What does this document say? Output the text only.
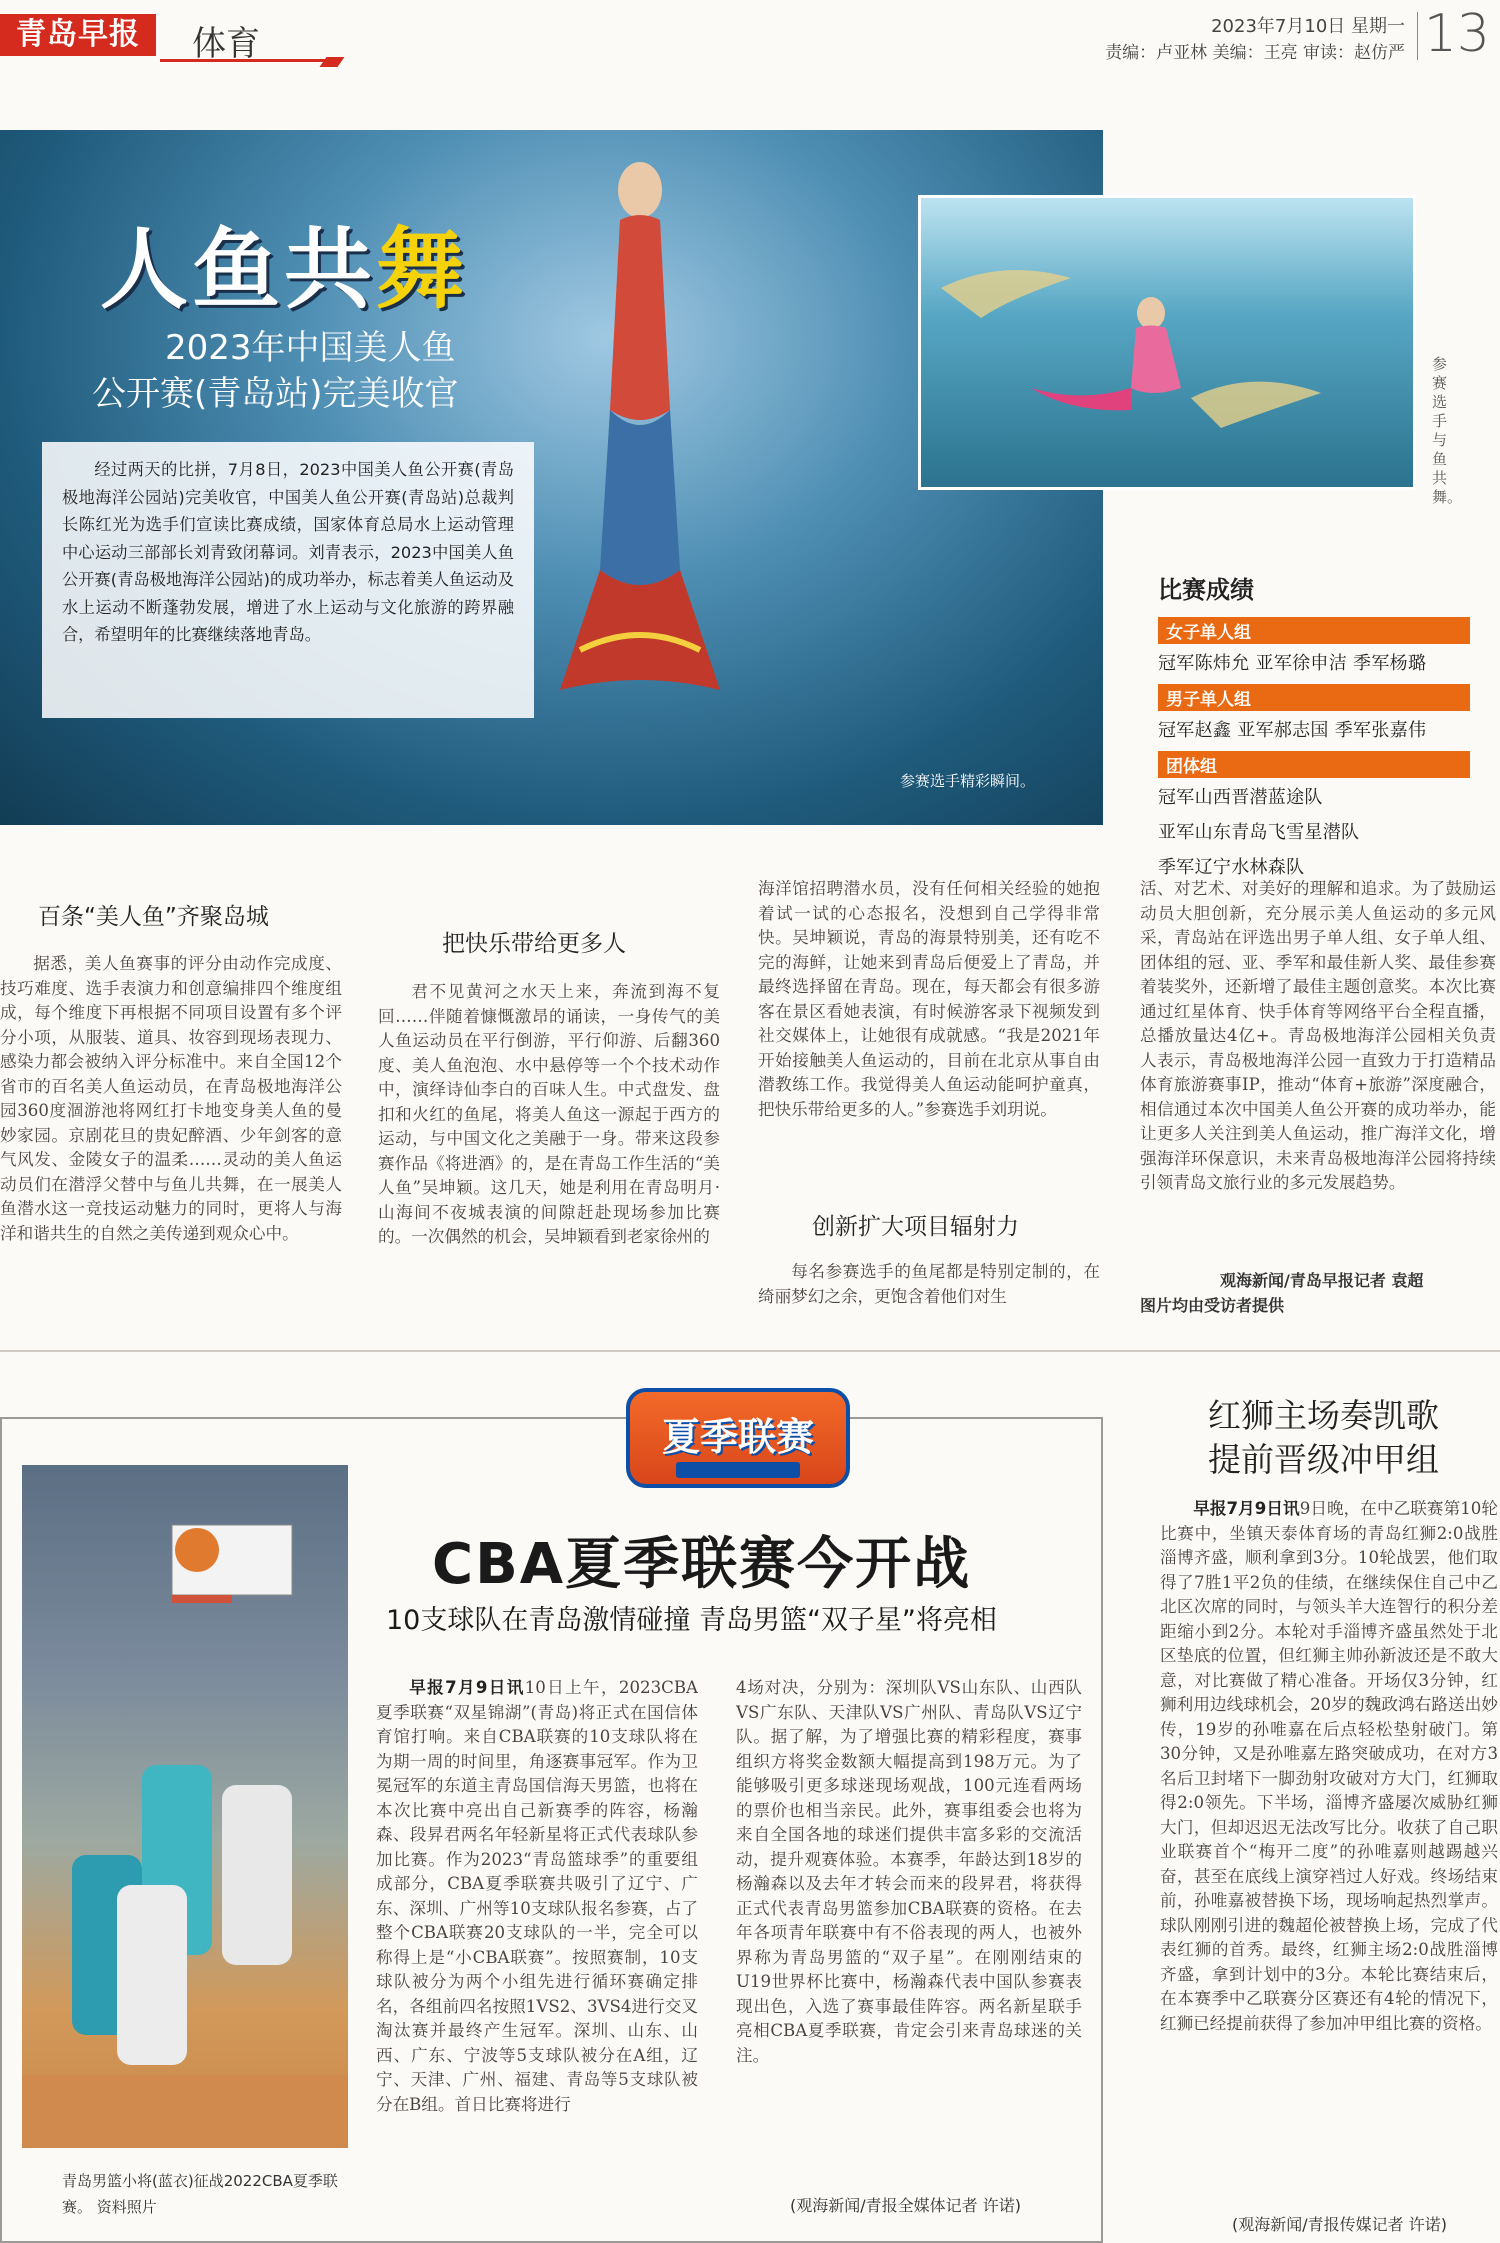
青岛早报	体育	2023年7月10日 星期一
责编：卢亚林 美编：王亮 审读：赵仿严 13
人鱼共舞
2023年中国美人鱼
公开赛(青岛站)完美收官
经过两天的比拼，7月8日，2023中国美人鱼公开赛(青岛极地海洋公园站)完美收官，中国美人鱼公开赛(青岛站)总裁判长陈红光为选手们宣读比赛成绩，国家体育总局水上运动管理中心运动三部部长刘青致闭幕词。刘青表示，2023中国美人鱼公开赛(青岛极地海洋公园站)的成功举办，标志着美人鱼运动及水上运动不断蓬勃发展，增进了水上运动与文化旅游的跨界融合，希望明年的比赛继续落地青岛。
参赛选手精彩瞬间。
参赛选手与鱼共舞。
比赛成绩
女子单人组
冠军陈炜允 亚军徐申洁 季军杨璐
男子单人组
冠军赵鑫 亚军郝志国 季军张嘉伟
团体组
冠军山西晋潜蓝途队
亚军山东青岛飞雪星潜队
季军辽宁水林森队
百条“美人鱼”齐聚岛城

据悉，美人鱼赛事的评分由动作完成度、技巧难度、选手表演力和创意编排四个维度组成，每个维度下再根据不同项目设置有多个评分小项，从服装、道具、妆容到现场表现力、感染力都会被纳入评分标准中。来自全国12个省市的百名美人鱼运动员，在青岛极地海洋公园360度涸游池将网红打卡地变身美人鱼的曼妙家园。京剧花旦的贵妃醉酒、少年剑客的意气风发、金陵女子的温柔……灵动的美人鱼运动员们在潜浮父替中与鱼儿共舞，在一展美人鱼潜水这一竞技运动魅力的同时，更将人与海洋和谐共生的自然之美传递到观众心中。

把快乐带给更多人

君不见黄河之水天上来，奔流到海不复回……伴随着慷慨激昂的诵读，一身传气的美人鱼运动员在平行倒游，平行仰游、后翻360度、美人鱼泡泡、水中悬停等一个个技术动作中，演绎诗仙李白的百味人生。中式盘发、盘扣和火红的鱼尾，将美人鱼这一源起于西方的运动，与中国文化之美融于一身。带来这段参赛作品《将进酒》的，是在青岛工作生活的“美人鱼”吴坤颖。这几天，她是利用在青岛明月·山海间不夜城表演的间隙赶赴现场参加比赛的。一次偶然的机会，吴坤颖看到老家徐州的

海洋馆招聘潜水员，没有任何相关经验的她抱着试一试的心态报名，没想到自己学得非常快。吴坤颖说，青岛的海景特别美，还有吃不完的海鲜，让她来到青岛后便爱上了青岛，并最终选择留在青岛。现在，每天都会有很多游客在景区看她表演，有时候游客录下视频发到社交媒体上，让她很有成就感。“我是2021年开始接触美人鱼运动的，目前在北京从事自由潜教练工作。我觉得美人鱼运动能呵护童真，把快乐带给更多的人。”参赛选手刘玥说。

创新扩大项目辐射力

每名参赛选手的鱼尾都是特别定制的，在绮丽梦幻之余，更饱含着他们对生

活、对艺术、对美好的理解和追求。为了鼓励运动员大胆创新，充分展示美人鱼运动的多元风采，青岛站在评选出男子单人组、女子单人组、团体组的冠、亚、季军和最佳新人奖、最佳参赛着装奖外，还新增了最佳主题创意奖。本次比赛通过红星体育、快手体育等网络平台全程直播，总播放量达4亿+。青岛极地海洋公园相关负责人表示，青岛极地海洋公园一直致力于打造精品体育旅游赛事IP，推动“体育+旅游”深度融合，相信通过本次中国美人鱼公开赛的成功举办，能让更多人关注到美人鱼运动，推广海洋文化，增强海洋环保意识，未来青岛极地海洋公园将持续引领青岛文旅行业的多元发展趋势。

观海新闻/青岛早报记者 袁超
图片均由受访者提供
夏季联赛
青岛男篮小将(蓝衣)征战2022CBA夏季联赛。 资料照片
CBA夏季联赛今开战
10支球队在青岛激情碰撞 青岛男篮“双子星”将亮相

早报7月9日讯10日上午，2023CBA夏季联赛“双星锦湖”(青岛)将正式在国信体育馆打响。来自CBA联赛的10支球队将在为期一周的时间里，角逐赛事冠军。作为卫冕冠军的东道主青岛国信海天男篮，也将在本次比赛中亮出自己新赛季的阵容，杨瀚森、段昇君两名年轻新星将正式代表球队参加比赛。作为2023“青岛篮球季”的重要组成部分，CBA夏季联赛共吸引了辽宁、广东、深圳、广州等10支球队报名参赛，占了整个CBA联赛20支球队的一半，完全可以称得上是“小CBA联赛”。按照赛制，10支球队被分为两个小组先进行循环赛确定排名，各组前四名按照1VS2、3VS4进行交叉淘汰赛并最终产生冠军。深圳、山东、山西、广东、宁波等5支球队被分在A组，辽宁、天津、广州、福建、青岛等5支球队被分在B组。首日比赛将进行

4场对决，分别为：深圳队VS山东队、山西队VS广东队、天津队VS广州队、青岛队VS辽宁队。据了解，为了增强比赛的精彩程度，赛事组织方将奖金数额大幅提高到198万元。为了能够吸引更多球迷现场观战，100元连看两场的票价也相当亲民。此外，赛事组委会也将为来自全国各地的球迷们提供丰富多彩的交流活动，提升观赛体验。本赛季，年龄达到18岁的杨瀚森以及去年才转会而来的段昇君，将获得正式代表青岛男篮参加CBA联赛的资格。在去年各项青年联赛中有不俗表现的两人，也被外界称为青岛男篮的“双子星”。在刚刚结束的U19世界杯比赛中，杨瀚森代表中国队参赛表现出色，入选了赛事最佳阵容。两名新星联手亮相CBA夏季联赛，肯定会引来青岛球迷的关注。

(观海新闻/青报全媒体记者 许诺)
红狮主场奏凯歌
提前晋级冲甲组

早报7月9日讯9日晚，在中乙联赛第10轮比赛中，坐镇天泰体育场的青岛红狮2:0战胜淄博齐盛，顺利拿到3分。10轮战罢，他们取得了7胜1平2负的佳绩，在继续保住自己中乙北区次席的同时，与领头羊大连智行的积分差距缩小到2分。本轮对手淄博齐盛虽然处于北区垫底的位置，但红狮主帅孙新波还是不敢大意，对比赛做了精心准备。开场仅3分钟，红狮利用边线球机会，20岁的魏政鸿右路送出妙传，19岁的孙唯嘉在后点轻松垫射破门。第30分钟，又是孙唯嘉左路突破成功，在对方3名后卫封堵下一脚劲射攻破对方大门，红狮取得2:0领先。下半场，淄博齐盛屡次威胁红狮大门，但却迟迟无法改写比分。收获了自己职业联赛首个“梅开二度”的孙唯嘉则越踢越兴奋，甚至在底线上演穿裆过人好戏。终场结束前，孙唯嘉被替换下场，现场响起热烈掌声。球队刚刚引进的魏超伦被替换上场，完成了代表红狮的首秀。最终，红狮主场2:0战胜淄博齐盛，拿到计划中的3分。本轮比赛结束后，在本赛季中乙联赛分区赛还有4轮的情况下，红狮已经提前获得了参加冲甲组比赛的资格。

(观海新闻/青报传媒记者 许诺)
